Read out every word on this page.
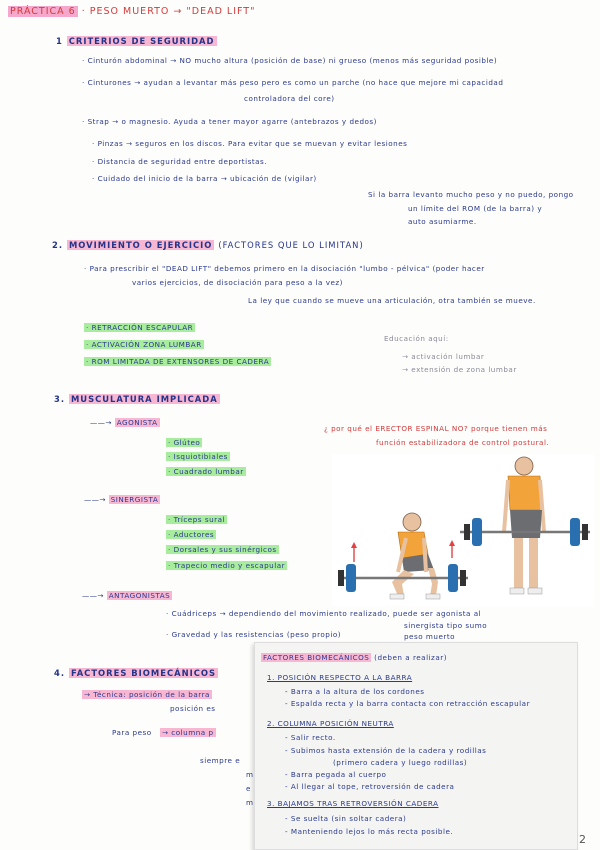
PRÁCTICA 6 · PESO MUERTO → "DEAD LIFT"
1 CRITERIOS DE SEGURIDAD
· Cinturón abdominal → NO mucho altura (posición de base) ni grueso (menos más seguridad posible)
· Cinturones → ayudan a levantar más peso pero es como un parche (no hace que mejore mi capacidad
controladora del core)
· Strap → o magnesio. Ayuda a tener mayor agarre (antebrazos y dedos)
· Pinzas → seguros en los discos. Para evitar que se muevan y evitar lesiones
· Distancia de seguridad entre deportistas.
· Cuidado del inicio de la barra → ubicación de (vigilar)
Si la barra levanto mucho peso y no puedo, pongo
un límite del ROM (de la barra) y
auto asumiarme.
2. MOVIMIENTO O EJERCICIO (FACTORES QUE LO LIMITAN)
· Para prescribir el "DEAD LIFT" debemos primero en la disociación "lumbo - pélvica" (poder hacer
varios ejercicios, de disociación para peso a la vez)
La ley que cuando se mueve una articulación, otra también se mueve.
· RETRACCIÓN ESCAPULAR
· ACTIVACIÓN ZONA LUMBAR
· ROM LIMITADA DE EXTENSORES DE CADERA
Educación aquí:
→ activación lumbar
→ extensión de zona lumbar
3. MUSCULATURA IMPLICADA
——→ AGONISTA
· Glúteo
· Isquiotibiales
· Cuadrado lumbar
——→ SINERGISTA
· Tríceps sural
· Aductores
· Dorsales y sus sinérgicos
· Trapecio medio y escapular
——→ ANTAGONISTAS
· Cuádriceps → dependiendo del movimiento realizado, puede ser agonista al
sinergista tipo sumo
· Gravedad y las resistencias (peso propio)	peso muerto
¿ por qué el ERECTOR ESPINAL NO? porque tienen más
función estabilizadora de control postural.
4. FACTORES BIOMECÁNICOS
→ Técnica: posición de la barra
posición es
Para peso → columna p
siempre e
m
e
m
FACTORES BIOMECÁNICOS (deben a realizar)
1. POSICIÓN RESPECTO A LA BARRA
- Barra a la altura de los cordones
- Espalda recta y la barra contacta con retracción escapular
2. COLUMNA POSICIÓN NEUTRA
- Salir recto.
- Subimos hasta extensión de la cadera y rodillas
(primero cadera y luego rodillas)
- Barra pegada al cuerpo
- Al llegar al tope, retroversión de cadera
3. BAJAMOS TRAS RETROVERSIÓN CADERA
- Se suelta (sin soltar cadera)
- Manteniendo lejos lo más recta posible.
2
